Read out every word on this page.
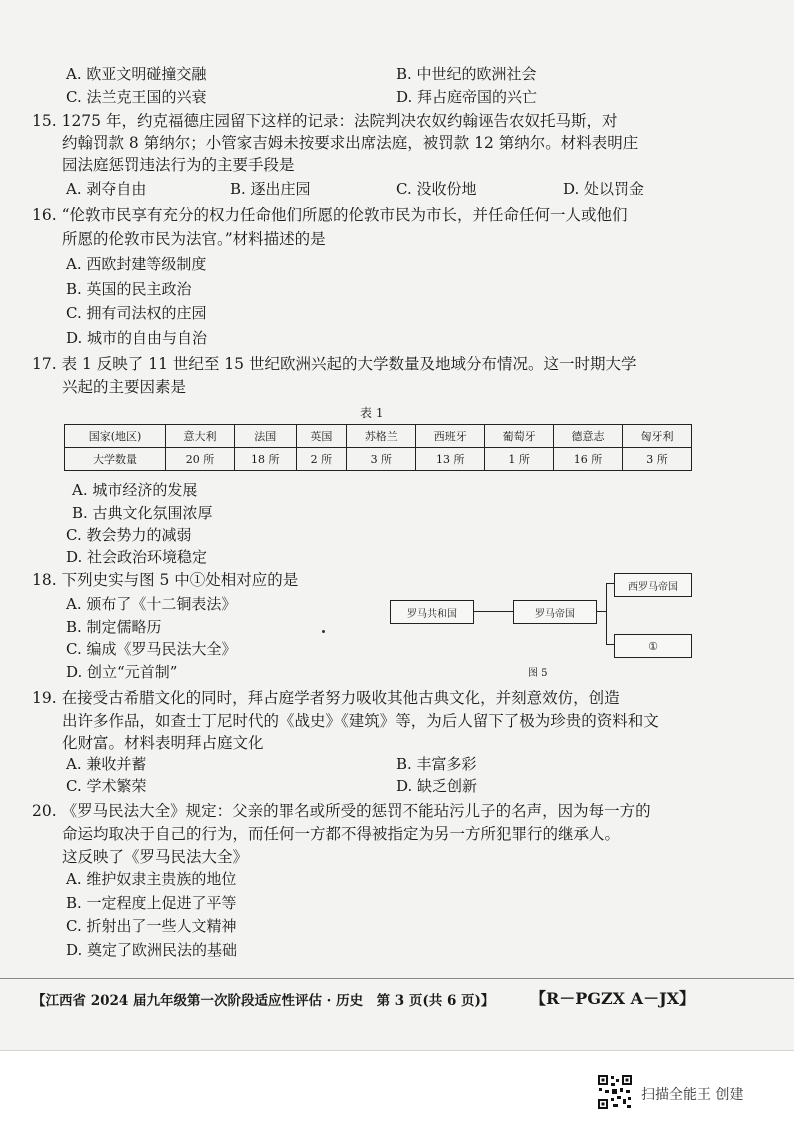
A. 欧亚文明碰撞交融	B. 中世纪的欧洲社会
C. 法兰克王国的兴衰	D. 拜占庭帝国的兴亡
15. 1275 年，约克福德庄园留下这样的记录：法院判决农奴约翰诬告农奴托马斯，对
约翰罚款 8 第纳尔；小管家吉姆未按要求出席法庭，被罚款 12 第纳尔。材料表明庄
园法庭惩罚违法行为的主要手段是
A. 剥夺自由	B. 逐出庄园	C. 没收份地	D. 处以罚金
16. “伦敦市民享有充分的权力任命他们所愿的伦敦市民为市长，并任命任何一人或他们
所愿的伦敦市民为法官。”材料描述的是
A. 西欧封建等级制度
B. 英国的民主政治
C. 拥有司法权的庄园
D. 城市的自由与自治
17. 表 1 反映了 11 世纪至 15 世纪欧洲兴起的大学数量及地域分布情况。这一时期大学
兴起的主要因素是
表 1
国家(地区)	意大利	法国	英国	苏格兰	西班牙	葡萄牙	德意志	匈牙利
大学数量	20 所	18 所	2 所	3 所	13 所	1 所	16 所	3 所
A. 城市经济的发展
B. 古典文化氛围浓厚
C. 教会势力的减弱
D. 社会政治环境稳定
18. 下列史实与图 5 中①处相对应的是
A. 颁布了《十二铜表法》
B. 制定儒略历
C. 编成《罗马民法大全》
D. 创立“元首制”
罗马共和国	罗马帝国
西罗马帝国
①
图 5
19. 在接受古希腊文化的同时，拜占庭学者努力吸收其他古典文化，并刻意效仿，创造
出许多作品，如查士丁尼时代的《战史》《建筑》等，为后人留下了极为珍贵的资料和文
化财富。材料表明拜占庭文化
A. 兼收并蓄	B. 丰富多彩
C. 学术繁荣	D. 缺乏创新
20. 《罗马民法大全》规定：父亲的罪名或所受的惩罚不能玷污儿子的名声，因为每一方的
命运均取决于自己的行为，而任何一方都不得被指定为另一方所犯罪行的继承人。
这反映了《罗马民法大全》
A. 维护奴隶主贵族的地位
B. 一定程度上促进了平等
C. 折射出了一些人文精神
D. 奠定了欧洲民法的基础
【江西省 2024 届九年级第一次阶段适应性评估 · 历史　第 3 页(共 6 页)】 【R－PGZX A－JX】
扫描全能王 创建
